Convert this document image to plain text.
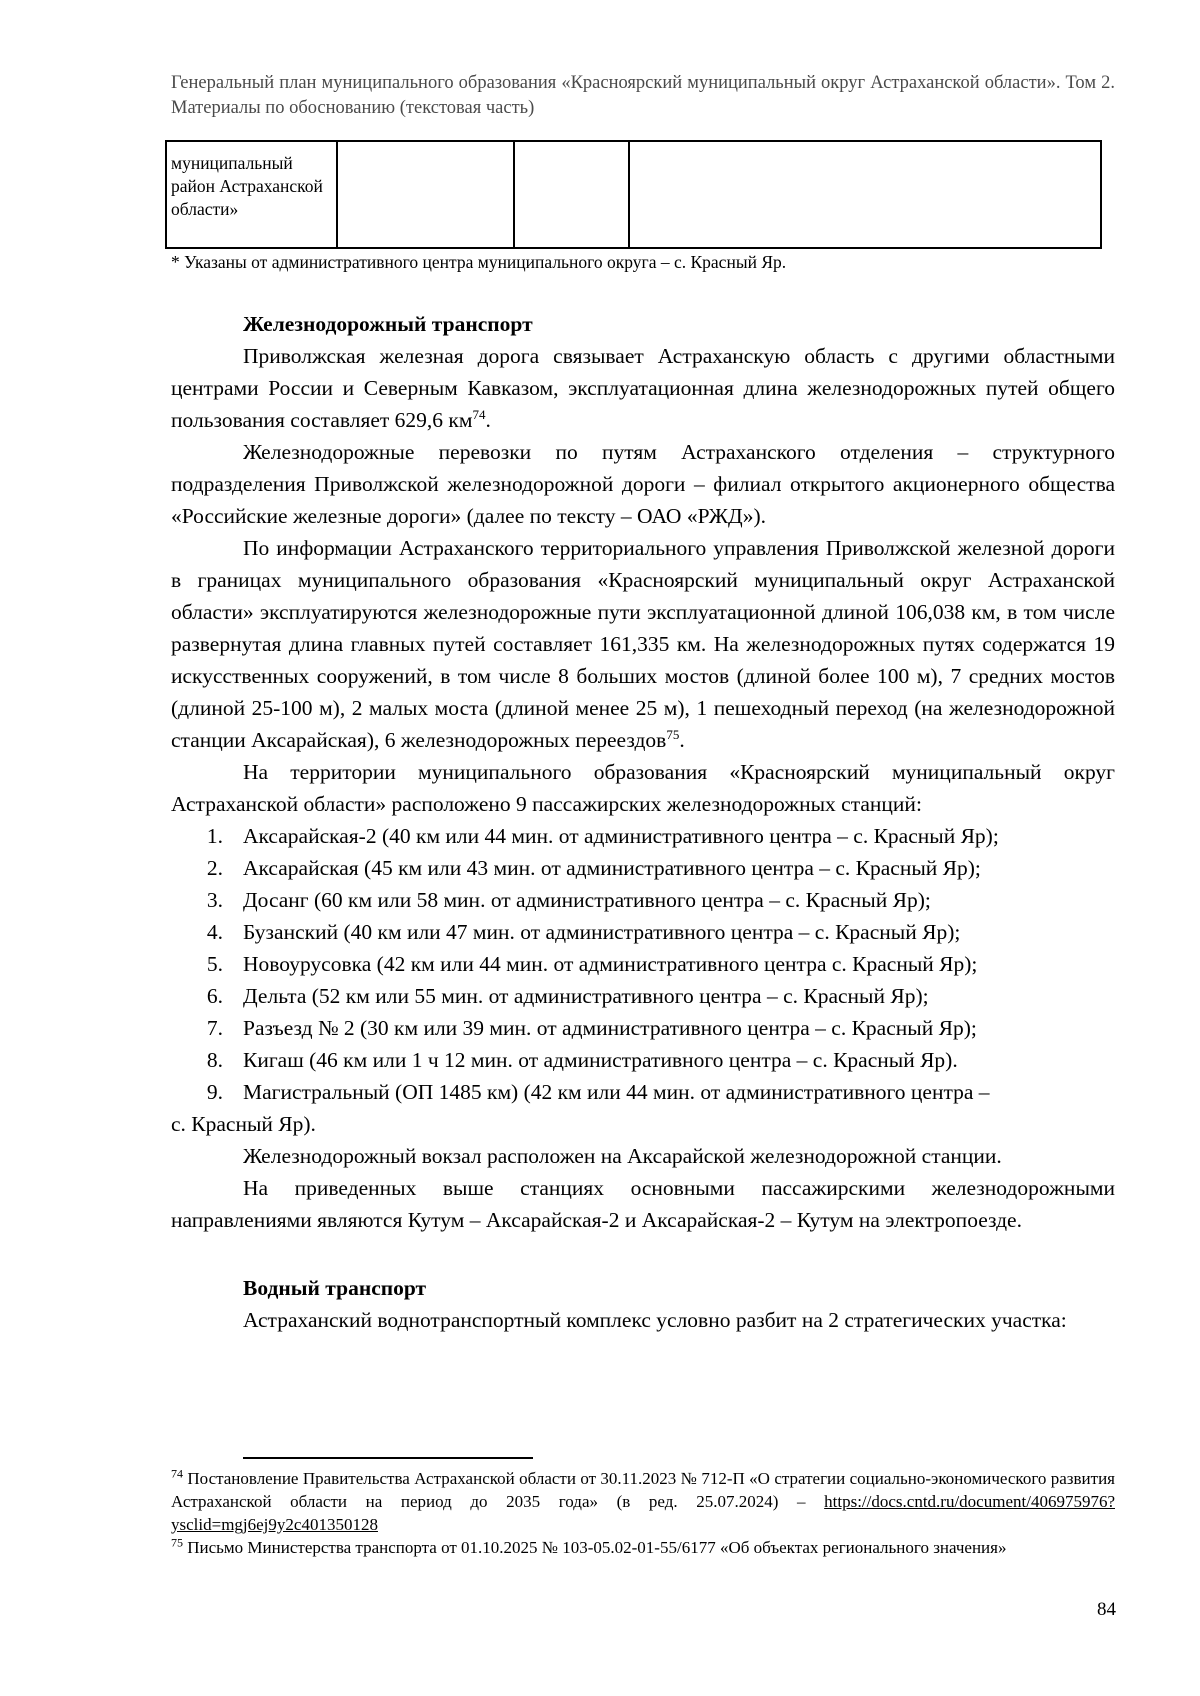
Генеральный план муниципального образования «Красноярский муниципальный округ Астраханской области». Том 2. Материалы по обоснованию (текстовая часть)
муниципальный район Астраханской области»			
* Указаны от административного центра муниципального округа – с. Красный Яр.
Железнодорожный транспорт

Приволжская железная дорога связывает Астраханскую область с другими областными центрами России и Северным Кавказом, эксплуатационная длина железнодорожных путей общего пользования составляет 629,6 $км^{74}$.

Железнодорожные перевозки по путям Астраханского отделения – структурного подразделения Приволжской железнодорожной дороги – филиал открытого акционерного общества «Российские железные дороги» (далее по тексту – ОАО «РЖД»).

По информации Астраханского территориального управления Приволжской железной дороги в границах муниципального образования «Красноярский муниципальный округ Астраханской области» эксплуатируются железнодорожные пути эксплуатационной длиной 106,038 км, в том числе развернутая длина главных путей составляет 161,335 км. На железнодорожных путях содержатся 19 искусственных сооружений, в том числе 8 больших мостов (длиной более 100 м), 7 средних мостов (длиной 25-100 м), 2 малых моста (длиной менее 25 м), 1 пешеходный переход (на железнодорожной станции Аксарайская), 6 железнодорожных переездов$^{75}$.

На территории муниципального образования «Красноярский муниципальный округ Астраханской области» расположено 9 пассажирских железнодорожных станций:

1. Аксарайская-2 (40 км или 44 мин. от административного центра – с. Красный Яр);
2. Аксарайская (45 км или 43 мин. от административного центра – с. Красный Яр);
3. Досанг (60 км или 58 мин. от административного центра – с. Красный Яр);
4. Бузанский (40 км или 47 мин. от административного центра – с. Красный Яр);
5. Новоурусовка (42 км или 44 мин. от административного центра с. Красный Яр);
6. Дельта (52 км или 55 мин. от административного центра – с. Красный Яр);
7. Разъезд № 2 (30 км или 39 мин. от административного центра – с. Красный Яр);
8. Кигаш (46 км или 1 ч 12 мин. от административного центра – с. Красный Яр).
9. Магистральный (ОП 1485 км) (42 км или 44 мин. от административного центра –

с. Красный Яр).

Железнодорожный вокзал расположен на Аксарайской железнодорожной станции.

На приведенных выше станциях основными пассажирскими железнодорожными направлениями являются Кутум – Аксарайская-2 и Аксарайская-2 – Кутум на электропоезде.

Водный транспорт

Астраханский воднотранспортный комплекс условно разбит на 2 стратегических участка:

$^{74}$ Постановление Правительства Астраханской области от 30.11.2023 № 712-П «О стратегии социально-экономического развития Астраханской области на период до 2035 года» (в ред. 25.07.2024) – https://docs.cntd.ru/document/406975976?ysclid=mgj6ej9y2c401350128

$^{75}$ Письмо Министерства транспорта от 01.10.2025 № 103-05.02-01-55/6177 «Об объектах регионального значения»

84
